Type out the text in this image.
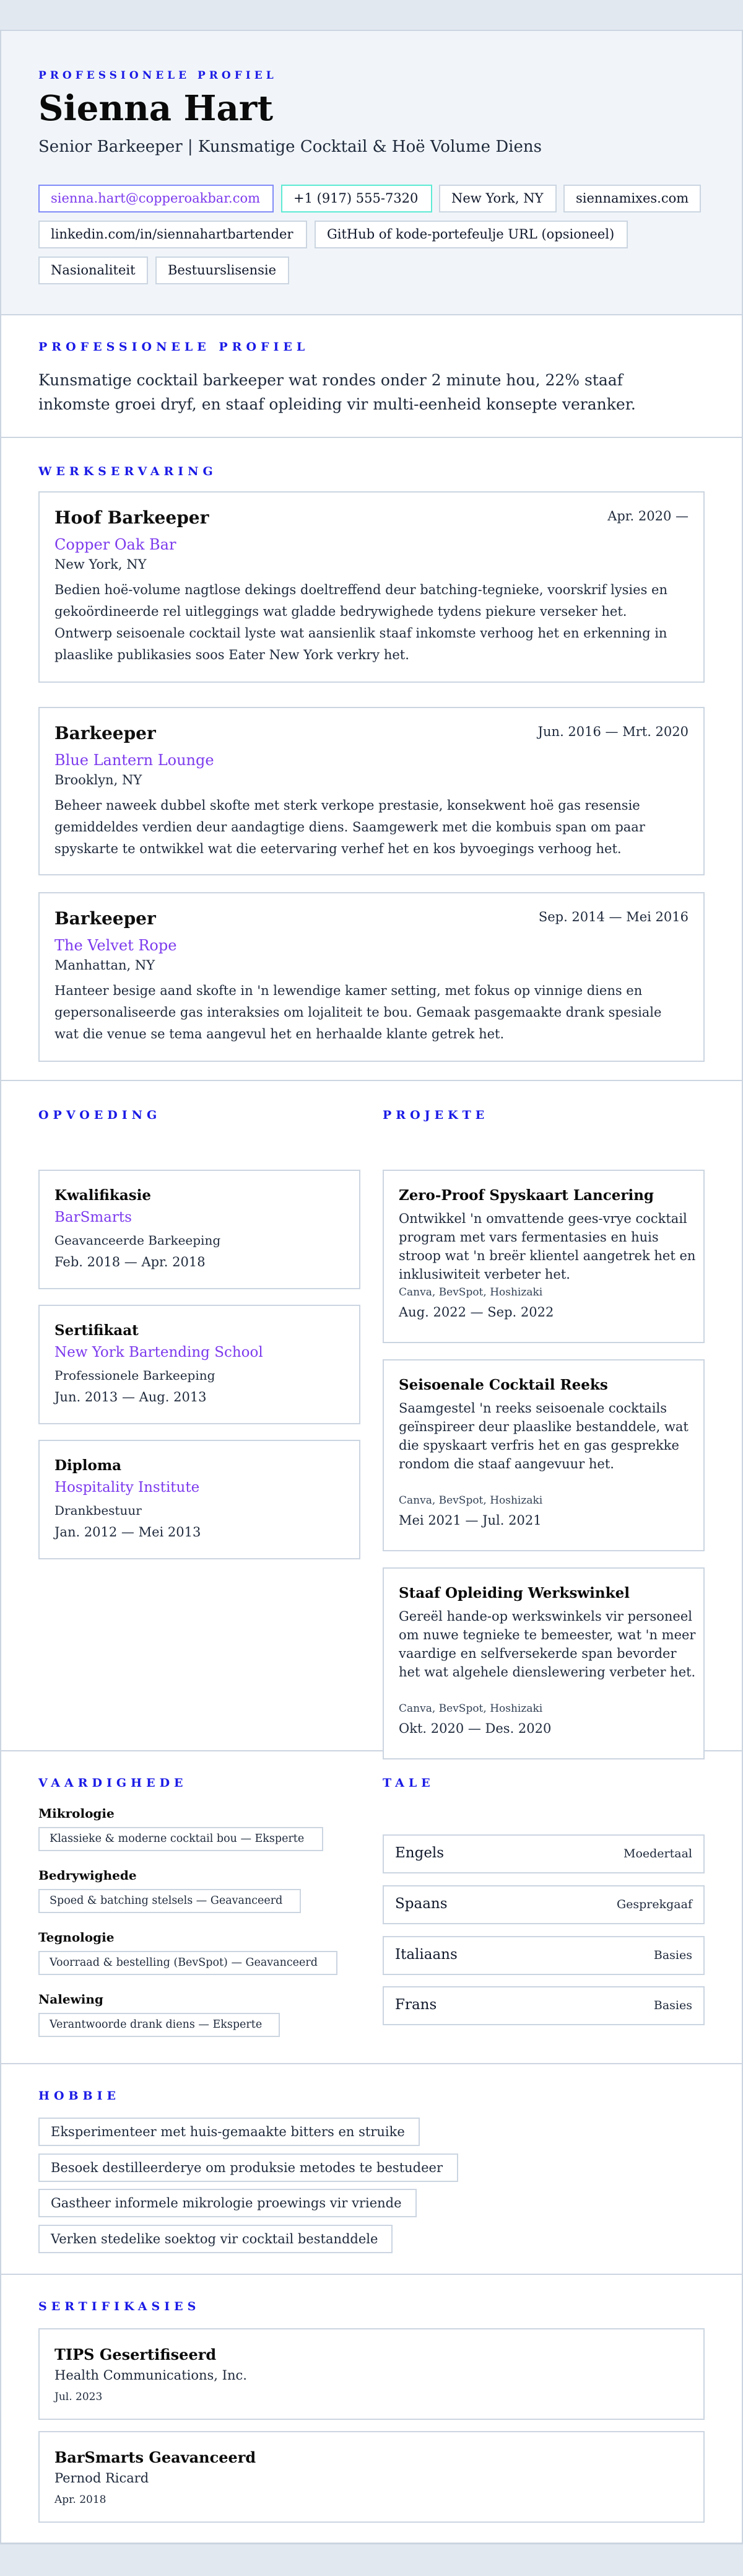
PROFESSIONELE PROFIEL
Sienna Hart
Senior Barkeeper | Kunsmatige Cocktail & Hoë Volume Diens
sienna.hart@copperoakbar.com	+1 (917) 555-7320	New York, NY	siennamixes.com
linkedin.com/in/siennahartbartender	GitHub of kode-portefeulje URL (opsioneel)
Nasionaliteit	Bestuurslisensie
PROFESSIONELE PROFIEL
Kunsmatige cocktail barkeeper wat rondes onder 2 minute hou, 22% staaf inkomste groei dryf, en staaf opleiding vir multi-eenheid konsepte veranker.
WERKSERVARING
Hoof Barkeeper	Apr. 2020 —
Copper Oak Bar
New York, NY
Bedien hoë-volume nagtlose dekings doeltreffend deur batching-tegnieke, voorskrif lysies en gekoördineerde rel uitleggings wat gladde bedrywighede tydens piekure verseker het. Ontwerp seisoenale cocktail lyste wat aansienlik staaf inkomste verhoog het en erkenning in plaaslike publikasies soos Eater New York verkry het.
Barkeeper	Jun. 2016 — Mrt. 2020
Blue Lantern Lounge
Brooklyn, NY
Beheer naweek dubbel skofte met sterk verkope prestasie, konsekwent hoë gas resensie gemiddeldes verdien deur aandagtige diens. Saamgewerk met die kombuis span om paar spyskarte te ontwikkel wat die eetervaring verhef het en kos byvoegings verhoog het.
Barkeeper	Sep. 2014 — Mei 2016
The Velvet Rope
Manhattan, NY
Hanteer besige aand skofte in 'n lewendige kamer setting, met fokus op vinnige diens en gepersonaliseerde gas interaksies om lojaliteit te bou. Gemaak pasgemaakte drank spesiale wat die venue se tema aangevul het en herhaalde klante getrek het.
OPVOEDING	PROJEKTE
Kwalifikasie
BarSmarts
Geavanceerde Barkeeping
Feb. 2018 — Apr. 2018
Sertifikaat
New York Bartending School
Professionele Barkeeping
Jun. 2013 — Aug. 2013
Diploma
Hospitality Institute
Drankbestuur
Jan. 2012 — Mei 2013
Zero-Proof Spyskaart Lancering
Ontwikkel 'n omvattende gees-vrye cocktail program met vars fermentasies en huis stroop wat 'n breër klientel aangetrek het en inklusiwiteit verbeter het.
Canva, BevSpot, Hoshizaki
Aug. 2022 — Sep. 2022
Seisoenale Cocktail Reeks
Saamgestel 'n reeks seisoenale cocktails geïnspireer deur plaaslike bestanddele, wat die spyskaart verfris het en gas gesprekke rondom die staaf aangevuur het.
Canva, BevSpot, Hoshizaki
Mei 2021 — Jul. 2021
Staaf Opleiding Werkswinkel
Gereël hande-op werkswinkels vir personeel om nuwe tegnieke te bemeester, wat 'n meer vaardige en selfversekerde span bevorder het wat algehele dienslewering verbeter het.
Canva, BevSpot, Hoshizaki
Okt. 2020 — Des. 2020
VAARDIGHEDE	TALE
Mikrologie
Klassieke & moderne cocktail bou — Eksperte
Bedrywighede
Spoed & batching stelsels — Geavanceerd
Tegnologie
Voorraad & bestelling (BevSpot) — Geavanceerd
Nalewing
Verantwoorde drank diens — Eksperte
Engels	Moedertaal
Spaans	Gesprekgaaf
Italiaans	Basies
Frans	Basies
HOBBIE
Eksperimenteer met huis-gemaakte bitters en struike
Besoek destilleerderye om produksie metodes te bestudeer
Gastheer informele mikrologie proewings vir vriende
Verken stedelike soektog vir cocktail bestanddele
SERTIFIKASIES
TIPS Gesertifiseerd
Health Communications, Inc.
Jul. 2023
BarSmarts Geavanceerd
Pernod Ricard
Apr. 2018
